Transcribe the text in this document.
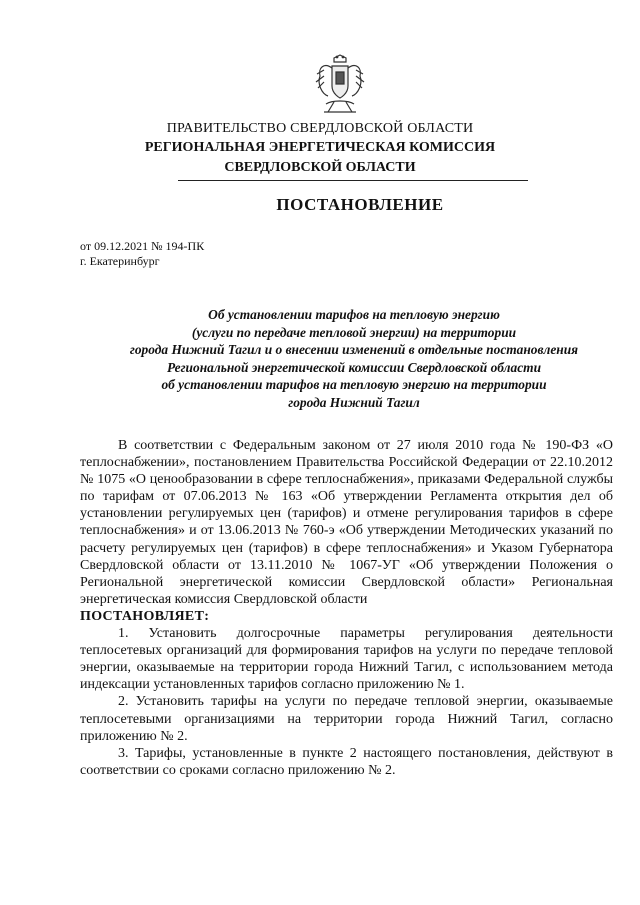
ПРАВИТЕЛЬСТВО СВЕРДЛОВСКОЙ ОБЛАСТИ
РЕГИОНАЛЬНАЯ ЭНЕРГЕТИЧЕСКАЯ КОМИССИЯ
СВЕРДЛОВСКОЙ ОБЛАСТИ
ПОСТАНОВЛЕНИЕ
от 09.12.2021 № 194-ПК
г. Екатеринбург
Об установлении тарифов на тепловую энергию
(услуги по передаче тепловой энергии) на территории
города Нижний Тагил и о внесении изменений в отдельные постановления
Региональной энергетической комиссии Свердловской области
об установлении тарифов на тепловую энергию на территории
города Нижний Тагил

В соответствии с Федеральным законом от 27 июля 2010 года № 190-ФЗ «О теплоснабжении», постановлением Правительства Российской Федерации от 22.10.2012 № 1075 «О ценообразовании в сфере теплоснабжения», приказами Федеральной службы по тарифам от 07.06.2013 № 163 «Об утверждении Регламента открытия дел об установлении регулируемых цен (тарифов) и отмене регулирования тарифов в сфере теплоснабжения» и от 13.06.2013 № 760-э «Об утверждении Методических указаний по расчету регулируемых цен (тарифов) в сфере теплоснабжения» и Указом Губернатора Свердловской области от 13.11.2010 № 1067-УГ «Об утверждении Положения о Региональной энергетической комиссии Свердловской области» Региональная энергетическая комиссия Свердловской области

ПОСТАНОВЛЯЕТ:

1. Установить долгосрочные параметры регулирования деятельности теплосетевых организаций для формирования тарифов на услуги по передаче тепловой энергии, оказываемые на территории города Нижний Тагил, с использованием метода индексации установленных тарифов согласно приложению № 1.

2. Установить тарифы на услуги по передаче тепловой энергии, оказываемые теплосетевыми организациями на территории города Нижний Тагил, согласно приложению № 2.

3. Тарифы, установленные в пункте 2 настоящего постановления, действуют в соответствии со сроками согласно приложению № 2.
